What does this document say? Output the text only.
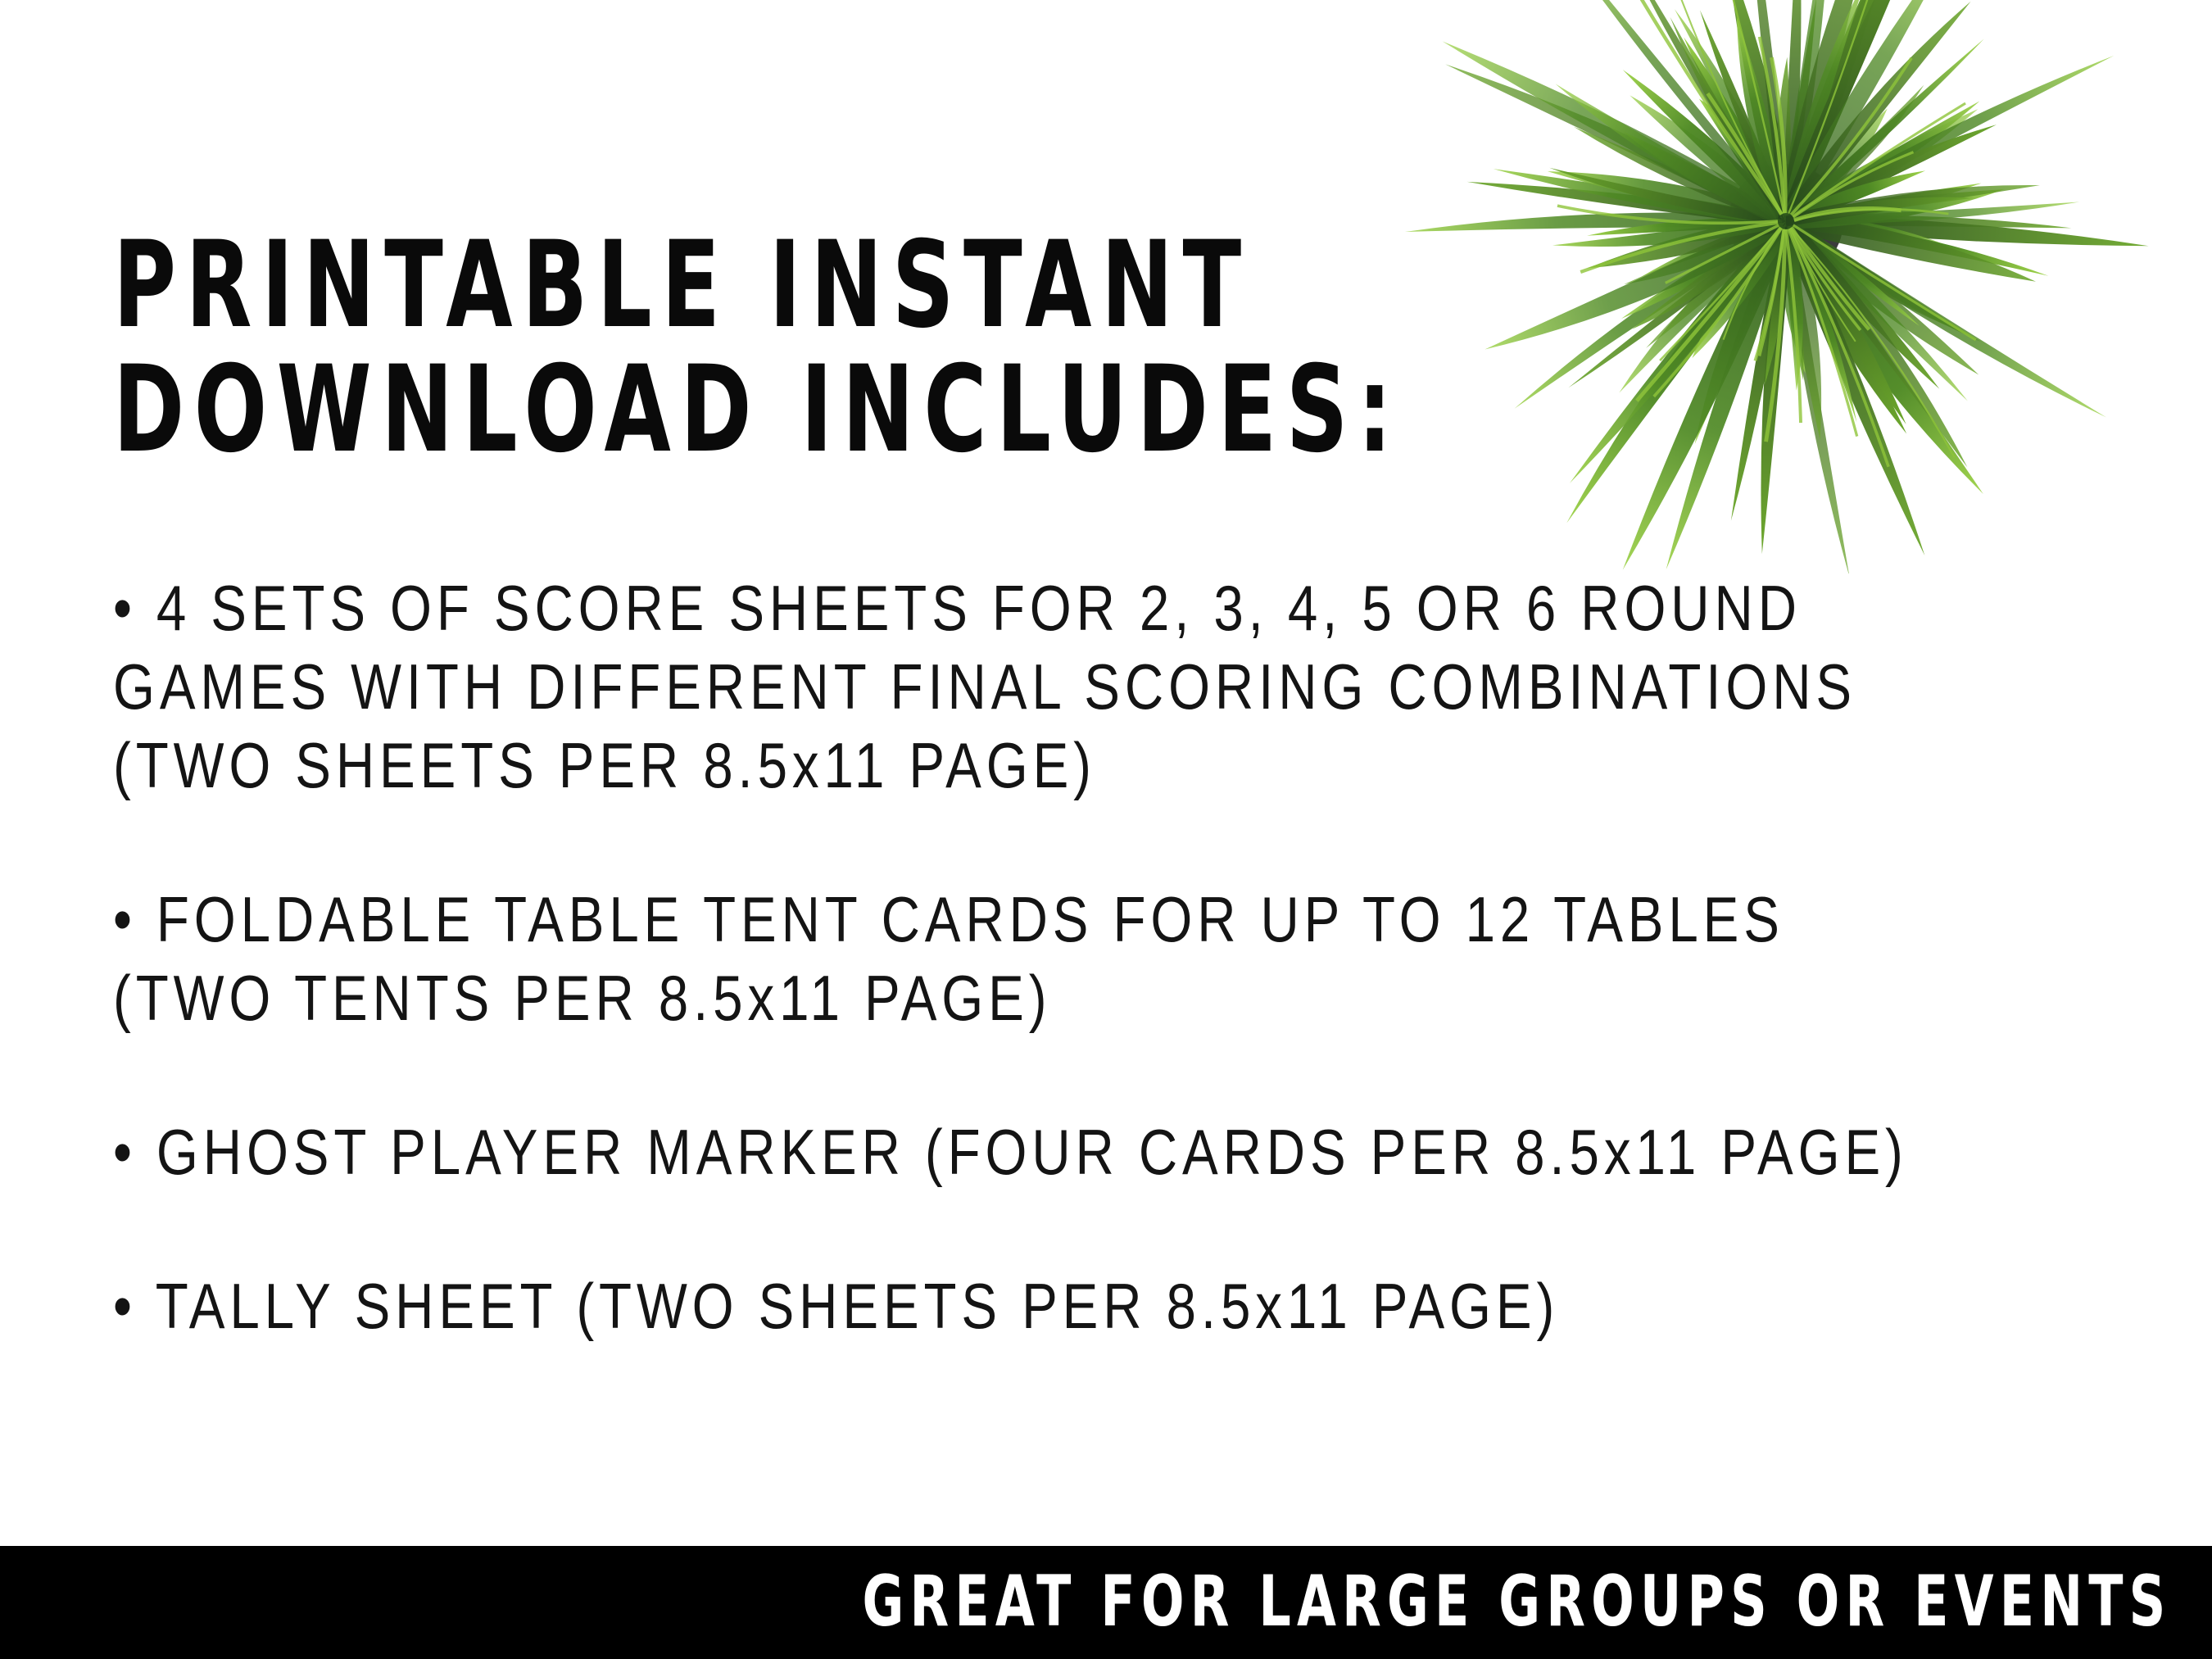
PRINTABLE INSTANT
DOWNLOAD INCLUDES:
• 4 SETS OF SCORE SHEETS FOR 2, 3, 4, 5 OR 6 ROUND
GAMES WITH DIFFERENT FINAL SCORING COMBINATIONS
(TWO SHEETS PER 8.5x11 PAGE)
• FOLDABLE TABLE TENT CARDS FOR UP TO 12 TABLES
(TWO TENTS PER 8.5x11 PAGE)
• GHOST PLAYER MARKER (FOUR CARDS PER 8.5x11 PAGE)
• TALLY SHEET (TWO SHEETS PER 8.5x11 PAGE)
GREAT FOR LARGE GROUPS OR EVENTS
